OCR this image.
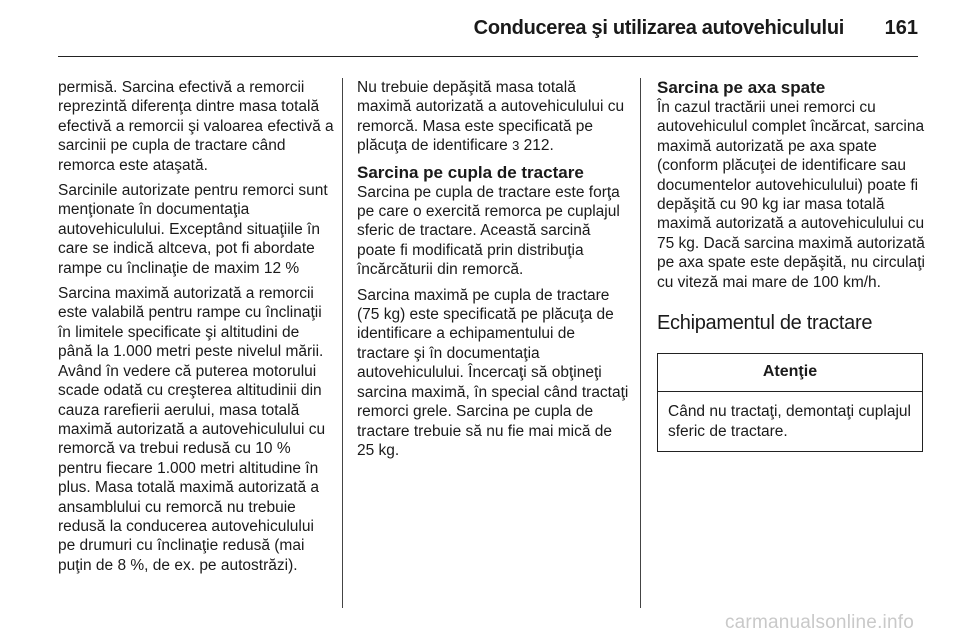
Conducerea şi utilizarea autovehiculului 161

permisă. Sarcina efectivă a remorcii reprezintă diferenţa dintre masa totală efectivă a remorcii şi valoarea efectivă a sarcinii pe cupla de tractare când remorca este ataşată.

Sarcinile autorizate pentru remorci sunt menţionate în documentaţia autovehiculului. Exceptând situaţiile în care se indică altceva, pot fi abordate rampe cu înclinaţie de maxim 12 %

Sarcina maximă autorizată a remorcii este valabilă pentru rampe cu înclinaţii în limitele specificate şi altitudini de până la 1.000 metri peste nivelul mării. Având în vedere că puterea motorului scade odată cu creşterea altitudinii din cauza rarefierii aerului, masa totală maximă autorizată a autovehiculului cu remorcă va trebui redusă cu 10 % pentru fiecare 1.000 metri altitudine în plus. Masa totală maximă autorizată a ansamblului cu remorcă nu trebuie redusă la conducerea autovehiculului pe drumuri cu înclinaţie redusă (mai puţin de 8 %, de ex. pe autostrăzi).

Nu trebuie depăşită masa totală maximă autorizată a autovehiculului cu remorcă. Masa este specificată pe plăcuţa de identificare 3 212.

Sarcina pe cupla de tractare

Sarcina pe cupla de tractare este forţa pe care o exercită remorca pe cuplajul sferic de tractare. Această sarcină poate fi modificată prin distribuţia încărcăturii din remorcă.

Sarcina maximă pe cupla de tractare (75 kg) este specificată pe plăcuţa de identificare a echipamentului de tractare şi în documentaţia autovehiculului. Încercaţi să obţineţi sarcina maximă, în special când tractaţi remorci grele. Sarcina pe cupla de tractare trebuie să nu fie mai mică de 25 kg.

Sarcina pe axa spate

În cazul tractării unei remorci cu autovehiculul complet încărcat, sarcina maximă autorizată pe axa spate (conform plăcuţei de identificare sau documentelor autovehiculului) poate fi depăşită cu 90 kg iar masa totală maximă autorizată a autovehiculului cu 75 kg. Dacă sarcina maximă autorizată pe axa spate este depăşită, nu circulaţi cu viteză mai mare de 100 km/h.

Echipamentul de tractare
Atenţie
Când nu tractaţi, demontaţi cuplajul sferic de tractare.
carmanualsonline.info
